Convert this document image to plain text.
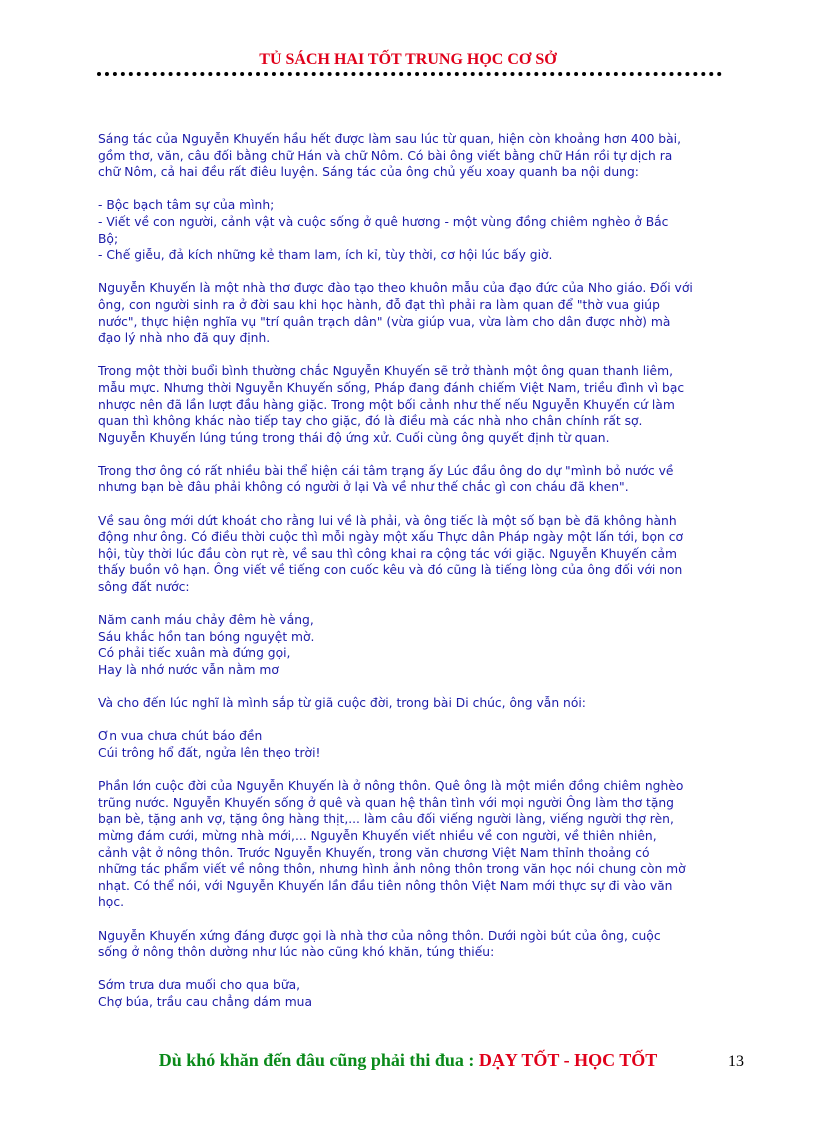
TỦ SÁCH HAI TỐT TRUNG HỌC CƠ SỞ
Sáng tác của Nguyễn Khuyến hầu hết được làm sau lúc từ quan, hiện còn khoảng hơn 400 bài,
gồm thơ, văn, câu đối bằng chữ Hán và chữ Nôm. Có bài ông viết bằng chữ Hán rồi tự dịch ra
chữ Nôm, cả hai đều rất điêu luyện. Sáng tác của ông chủ yếu xoay quanh ba nội dung:
- Bộc bạch tâm sự của mình;
- Viết về con người, cảnh vật và cuộc sống ở quê hương - một vùng đồng chiêm nghèo ở Bắc
Bộ;
- Chế giễu, đả kích những kẻ tham lam, ích kỉ, tùy thời, cơ hội lúc bấy giờ.
Nguyễn Khuyến là một nhà thơ được đào tạo theo khuôn mẫu của đạo đức của Nho giáo. Đối với
ông, con người sinh ra ở đời sau khi học hành, đỗ đạt thì phải ra làm quan để "thờ vua giúp
nước", thực hiện nghĩa vụ "trí quân trạch dân" (vừa giúp vua, vừa làm cho dân được nhờ) mà
đạo lý nhà nho đã quy định.
Trong một thời buổi bình thường chắc Nguyễn Khuyến sẽ trở thành một ông quan thanh liêm,
mẫu mực. Nhưng thời Nguyễn Khuyến sống, Pháp đang đánh chiếm Việt Nam, triều đình vì bạc
nhược nên đã lần lượt đầu hàng giặc. Trong một bối cảnh như thế nếu Nguyễn Khuyến cứ làm
quan thì không khác nào tiếp tay cho giặc, đó là điều mà các nhà nho chân chính rất sợ.
Nguyễn Khuyến lúng túng trong thái độ ứng xử. Cuối cùng ông quyết định từ quan.
Trong thơ ông có rất nhiều bài thể hiện cái tâm trạng ấy Lúc đầu ông do dự "mình bỏ nước về
nhưng bạn bè đâu phải không có người ở lại Và về như thế chắc gì con cháu đã khen".
Về sau ông mới dứt khoát cho rằng lui về là phải, và ông tiếc là một số bạn bè đã không hành
động như ông. Có điều thời cuộc thì mỗi ngày một xấu Thực dân Pháp ngày một lấn tới, bọn cơ
hội, tùy thời lúc đầu còn rụt rè, về sau thì công khai ra cộng tác với giặc. Nguyễn Khuyến cảm
thấy buồn vô hạn. Ông viết về tiếng con cuốc kêu và đó cũng là tiếng lòng của ông đối với non
sông đất nước:
Năm canh máu chảy đêm hè vắng,
Sáu khắc hồn tan bóng nguyệt mờ.
Có phải tiếc xuân mà đứng gọi,
Hay là nhớ nước vẫn nằm mơ
Và cho đến lúc nghĩ là mình sắp từ giã cuộc đời, trong bài Di chúc, ông vẫn nói:
Ơn vua chưa chút báo đền
Cúi trông hổ đất, ngửa lên thẹo trời!
Phần lớn cuộc đời của Nguyễn Khuyến là ở nông thôn. Quê ông là một miền đồng chiêm nghèo
trũng nước. Nguyễn Khuyến sống ở quê và quan hệ thân tình với mọi người Ông làm thơ tặng
bạn bè, tặng anh vợ, tặng ông hàng thịt,... làm câu đối viếng người làng, viếng người thợ rèn,
mừng đám cưới, mừng nhà mới,... Nguyễn Khuyến viết nhiều về con người, về thiên nhiên,
cảnh vật ở nông thôn. Trước Nguyễn Khuyến, trong văn chương Việt Nam thỉnh thoảng có
những tác phẩm viết về nông thôn, nhưng hình ảnh nông thôn trong văn học nói chung còn mờ
nhạt. Có thể nói, với Nguyễn Khuyến lần đầu tiên nông thôn Việt Nam mới thực sự đi vào văn
học.
Nguyễn Khuyến xứng đáng được gọi là nhà thơ của nông thôn. Dưới ngòi bút của ông, cuộc
sống ở nông thôn dường như lúc nào cũng khó khăn, túng thiếu:
Sớm trưa dưa muối cho qua bữa,
Chợ búa, trầu cau chẳng dám mua
Dù khó khăn đến đâu cũng phải thi đua : DẠY TỐT - HỌC TỐT	13
